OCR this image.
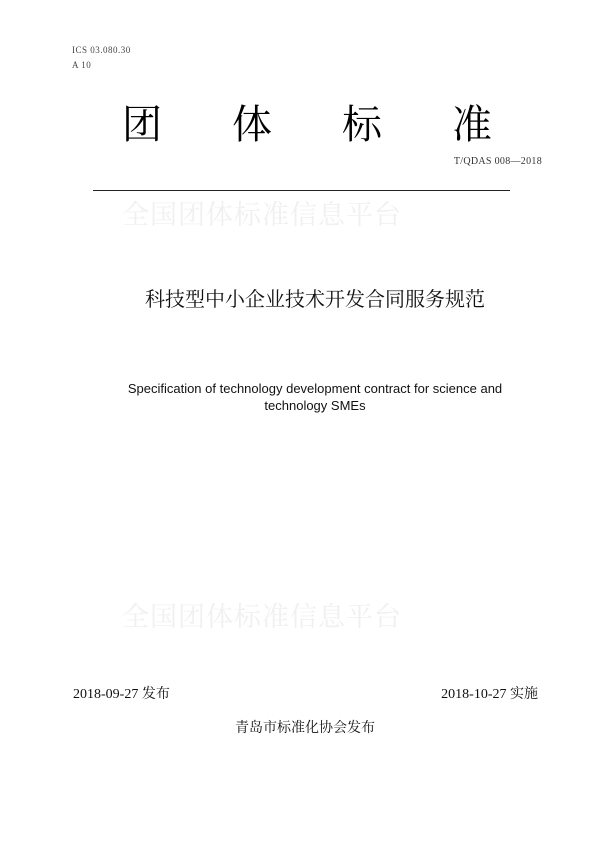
ICS 03.080.30
A 10
团 体 标 准
T/QDAS 008—2018
全国团体标准信息平台
科技型中小企业技术开发合同服务规范
Specification of technology development contract for science and
technology SMEs
全国团体标准信息平台
2018-09-27 发布	2018-10-27 实施
青岛市标准化协会发布
